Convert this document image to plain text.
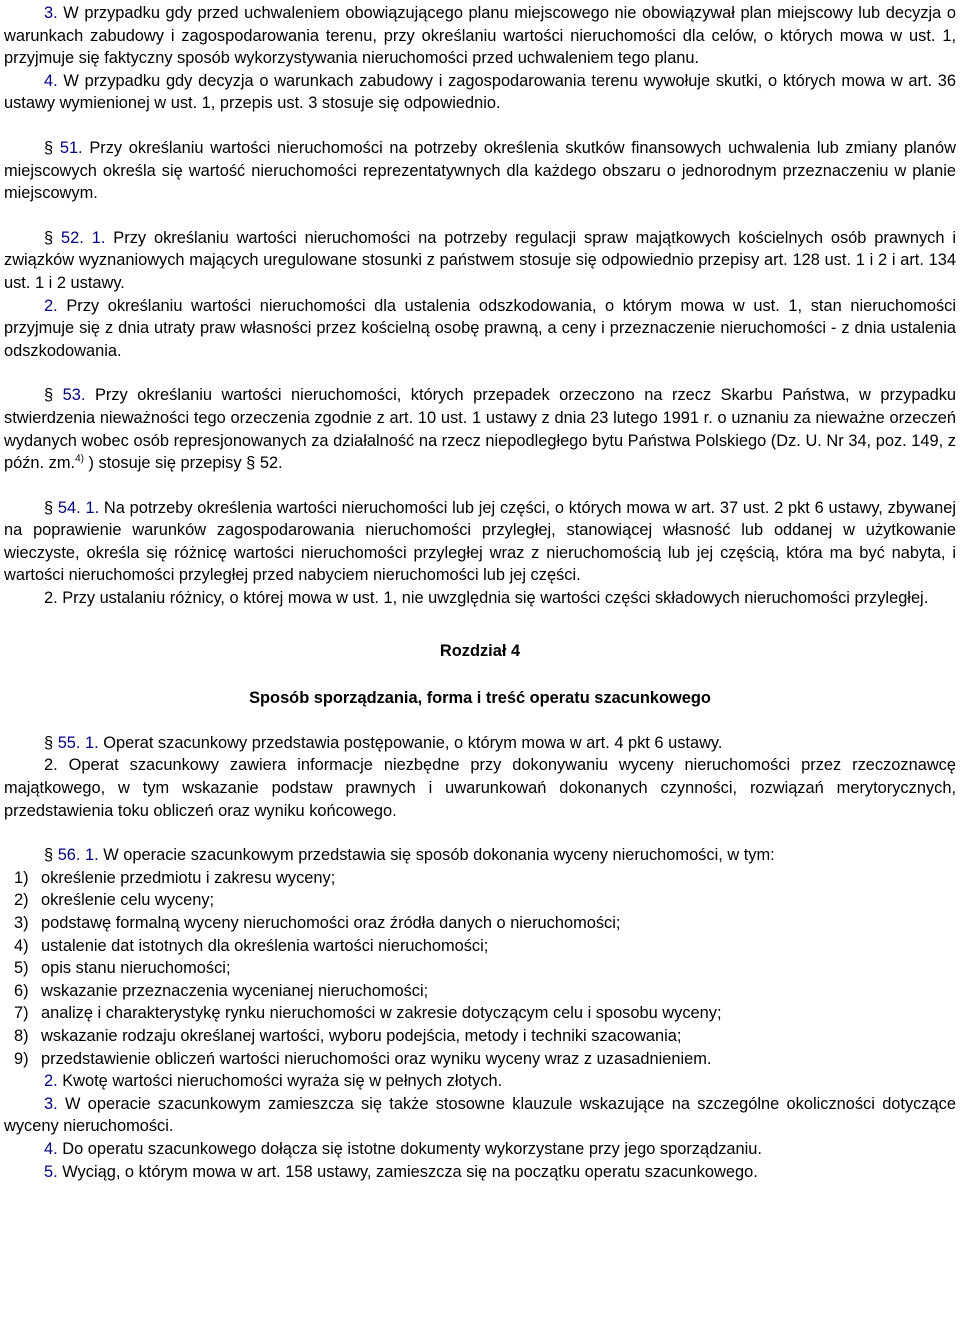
3. W przypadku gdy przed uchwaleniem obowiązującego planu miejscowego nie obowiązywał plan miejscowy lub decyzja o warunkach zabudowy i zagospodarowania terenu, przy określaniu wartości nieruchomości dla celów, o których mowa w ust. 1, przyjmuje się faktyczny sposób wykorzystywania nieruchomości przed uchwaleniem tego planu.

4. W przypadku gdy decyzja o warunkach zabudowy i zagospodarowania terenu wywołuje skutki, o których mowa w art. 36 ustawy wymienionej w ust. 1, przepis ust. 3 stosuje się odpowiednio.

§ 51. Przy określaniu wartości nieruchomości na potrzeby określenia skutków finansowych uchwalenia lub zmiany planów miejscowych określa się wartość nieruchomości reprezentatywnych dla każdego obszaru o jednorodnym przeznaczeniu w planie miejscowym.

§ 52. 1. Przy określaniu wartości nieruchomości na potrzeby regulacji spraw majątkowych kościelnych osób prawnych i związków wyznaniowych mających uregulowane stosunki z państwem stosuje się odpowiednio przepisy art. 128 ust. 1 i 2 i art. 134 ust. 1 i 2 ustawy.

2. Przy określaniu wartości nieruchomości dla ustalenia odszkodowania, o którym mowa w ust. 1, stan nieruchomości przyjmuje się z dnia utraty praw własności przez kościelną osobę prawną, a ceny i przeznaczenie nieruchomości - z dnia ustalenia odszkodowania.

§ 53. Przy określaniu wartości nieruchomości, których przepadek orzeczono na rzecz Skarbu Państwa, w przypadku stwierdzenia nieważności tego orzeczenia zgodnie z art. 10 ust. 1 ustawy z dnia 23 lutego 1991 r. o uznaniu za nieważne orzeczeń wydanych wobec osób represjonowanych za działalność na rzecz niepodległego bytu Państwa Polskiego (Dz. U. Nr 34, poz. 149, z późn. zm.$^{4)}$ ) stosuje się przepisy § 52.

§ 54. 1. Na potrzeby określenia wartości nieruchomości lub jej części, o których mowa w art. 37 ust. 2 pkt 6 ustawy, zbywanej na poprawienie warunków zagospodarowania nieruchomości przyległej, stanowiącej własność lub oddanej w użytkowanie wieczyste, określa się różnicę wartości nieruchomości przyległej wraz z nieruchomością lub jej częścią, która ma być nabyta, i wartości nieruchomości przyległej przed nabyciem nieruchomości lub jej części.

2. Przy ustalaniu różnicy, o której mowa w ust. 1, nie uwzględnia się wartości części składowych nieruchomości przyległej.

Rozdział 4

Sposób sporządzania, forma i treść operatu szacunkowego

§ 55. 1. Operat szacunkowy przedstawia postępowanie, o którym mowa w art. 4 pkt 6 ustawy.

2. Operat szacunkowy zawiera informacje niezbędne przy dokonywaniu wyceny nieruchomości przez rzeczoznawcę majątkowego, w tym wskazanie podstaw prawnych i uwarunkowań dokonanych czynności, rozwiązań merytorycznych, przedstawienia toku obliczeń oraz wyniku końcowego.

§ 56. 1. W operacie szacunkowym przedstawia się sposób dokonania wyceny nieruchomości, w tym:

1) określenie przedmiotu i zakresu wyceny;
2) określenie celu wyceny;
3) podstawę formalną wyceny nieruchomości oraz źródła danych o nieruchomości;
4) ustalenie dat istotnych dla określenia wartości nieruchomości;
5) opis stanu nieruchomości;
6) wskazanie przeznaczenia wycenianej nieruchomości;
7) analizę i charakterystykę rynku nieruchomości w zakresie dotyczącym celu i sposobu wyceny;
8) wskazanie rodzaju określanej wartości, wyboru podejścia, metody i techniki szacowania;
9) przedstawienie obliczeń wartości nieruchomości oraz wyniku wyceny wraz z uzasadnieniem.

2. Kwotę wartości nieruchomości wyraża się w pełnych złotych.

3. W operacie szacunkowym zamieszcza się także stosowne klauzule wskazujące na szczególne okoliczności dotyczące wyceny nieruchomości.

4. Do operatu szacunkowego dołącza się istotne dokumenty wykorzystane przy jego sporządzaniu.

5. Wyciąg, o którym mowa w art. 158 ustawy, zamieszcza się na początku operatu szacunkowego.
